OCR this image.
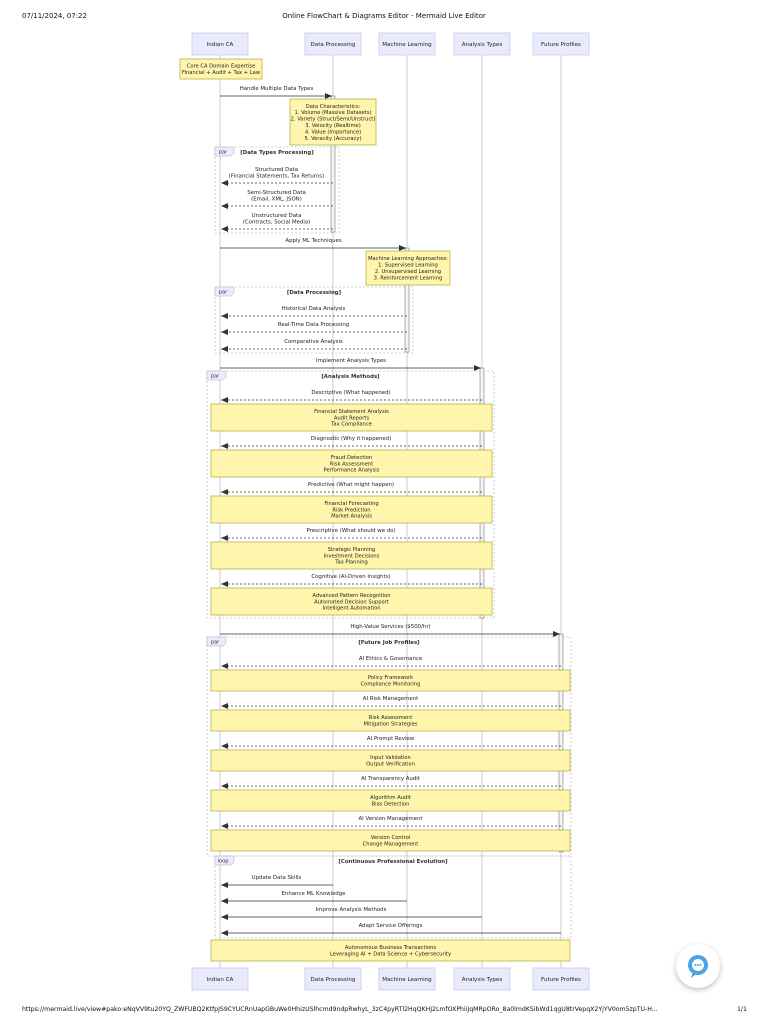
07/11/2024, 07:22	Online FlowChart & Diagrams Editor - Mermaid Live Editor
par [Data Types Processing]
par	[Data Processing]
par	[Analysis Methods]
par	[Future Job Profiles]
loop	[Continuous Professional Evolution]
Core CA Domain Expertise
Financial + Audit + Tax + Law
Data Characteristics:
1. Volume (Massive Datasets)
2. Variety (Struct/Semi/Unstruct)
3. Velocity (Realtime)
4. Value (Importance)
5. Veracity (Accuracy)
Machine Learning Approaches:
1. Supervised Learning
2. Unsupervised Learning
3. Reinforcement Learning
Financial Statement Analysis
Audit Reports
Tax Compliance
Fraud Detection
Risk Assessment
Performance Analysis
Financial Forecasting
Risk Prediction
Market Analysis
Strategic Planning
Investment Decisions
Tax Planning
Advanced Pattern Recognition
Automated Decision Support
Intelligent Automation
Policy Framework
Compliance Monitoring
Risk Assessment
Mitigation Strategies
Input Validation
Output Verification
Algorithm Audit
Bias Detection
Version Control
Change Management
Autonomous Business Transactions
Leveraging AI + Data Science + Cybersecurity
Handle Multiple Data Types
Structured Data
(Financial Statements, Tax Returns)
Semi-Structured Data
(Email, XML, JSON)
Unstructured Data
(Contracts, Social Media)
Apply ML Techniques
Historical Data Analysis
Real-Time Data Processing
Comparative Analysis
Implement Analysis Types
Descriptive (What happened)
Diagnostic (Why it happened)
Predictive (What might happen)
Prescriptive (What should we do)
Cognitive (AI-Driven Insights)
High-Value Services ($500/hr)
AI Ethics & Governance
AI Risk Management
AI Prompt Review
AI Transparency Audit
AI Version Management
Update Data Skills
Enhance ML Knowledge
Improve Analysis Methods
Adapt Service Offerings
Indian CA
Indian CA
Data Processing
Data Processing
Machine Learning
Machine Learning
Analysis Types
Analysis Types
Future Profiles
Future Profiles
https://mermaid.live/view#pako:eNqVV9tu20YQ_ZWFUBQ2KtfpJS9CYUCRnUapGBuWe0HhizUSlhcmd9ndpRwhyL_3zC4pyRTl2HqQKHJ2LmfOXPhiiJqMRpORo_8a0lmdKSibWd1qgU8trVepqX2YjYV0om5zpTU-H...	1/1
